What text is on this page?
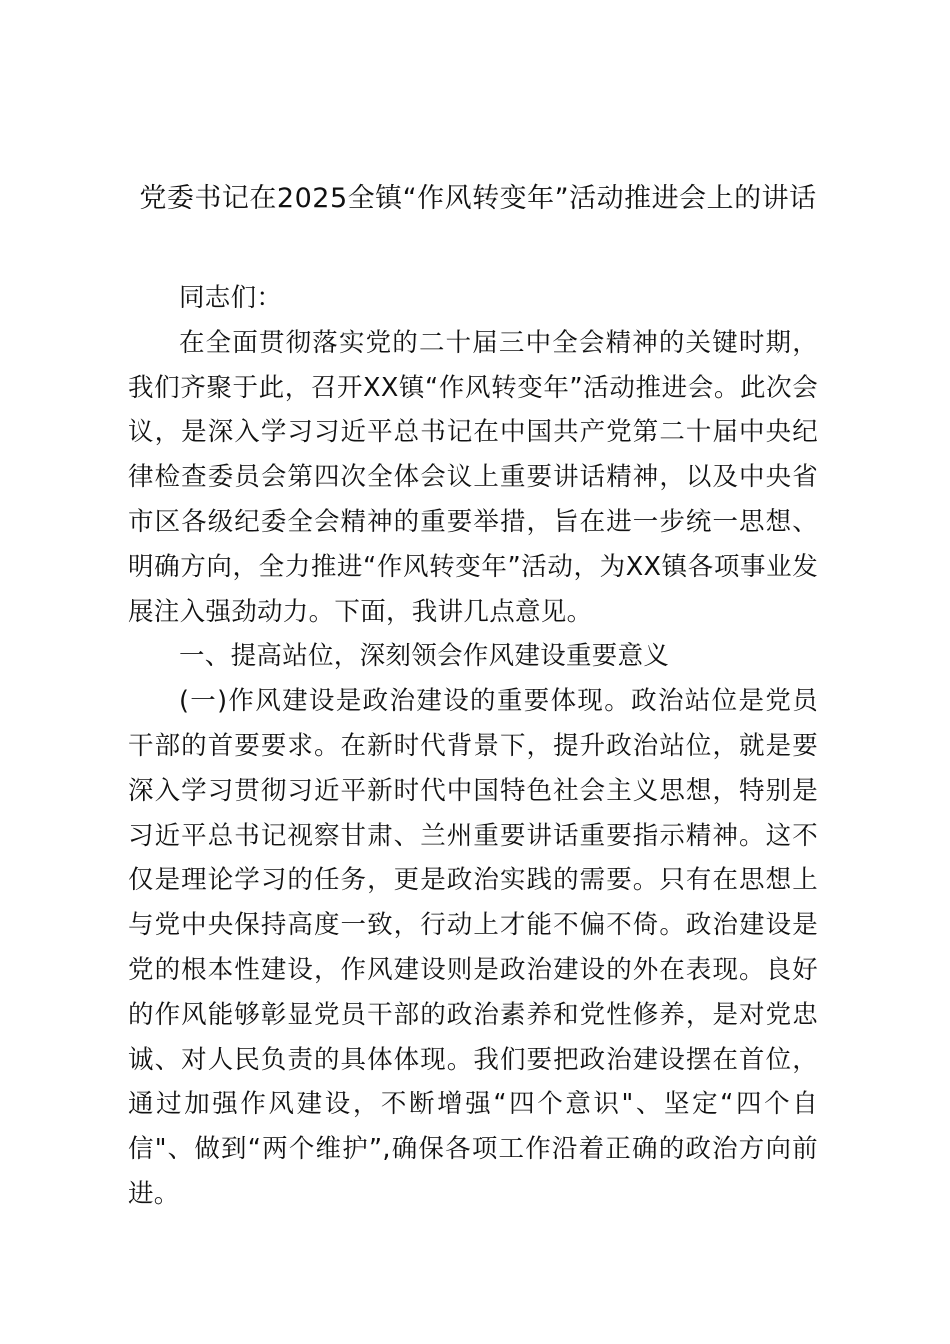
党委书记在2025全镇“作风转变年”活动推进会上的讲话

同志们：

在全面贯彻落实党的二十届三中全会精神的关键时期，我们齐聚于此，召开XX镇“作风转变年”活动推进会。此次会议，是深入学习习近平总书记在中国共产党第二十届中央纪律检查委员会第四次全体会议上重要讲话精神，以及中央省市区各级纪委全会精神的重要举措，旨在进一步统一思想、明确方向，全力推进“作风转变年”活动，为XX镇各项事业发展注入强劲动力。下面，我讲几点意见。

一、提高站位，深刻领会作风建设重要意义

(一)作风建设是政治建设的重要体现。政治站位是党员干部的首要要求。在新时代背景下，提升政治站位，就是要深入学习贯彻习近平新时代中国特色社会主义思想，特别是习近平总书记视察甘肃、兰州重要讲话重要指示精神。这不仅是理论学习的任务，更是政治实践的需要。只有在思想上与党中央保持高度一致，行动上才能不偏不倚。政治建设是党的根本性建设，作风建设则是政治建设的外在表现。良好的作风能够彰显党员干部的政治素养和党性修养，是对党忠诚、对人民负责的具体体现。我们要把政治建设摆在首位，通过加强作风建设，不断增强“四个意识"、坚定“四个自信"、做到“两个维护”,确保各项工作沿着正确的政治方向前进。
